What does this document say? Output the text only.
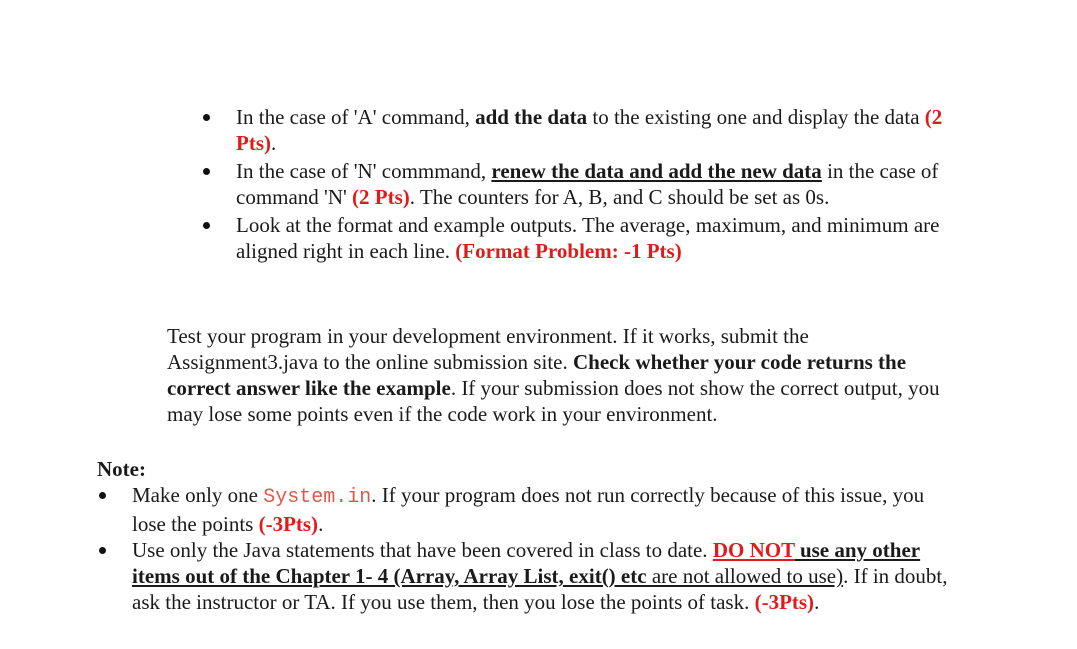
In the case of 'A' command, add the data to the existing one and display the data (2 Pts).
In the case of 'N' commmand, renew the data and add the new data in the case of command 'N' (2 Pts). The counters for A, B, and C should be set as 0s.
Look at the format and example outputs. The average, maximum, and minimum are aligned right in each line. (Format Problem: -1 Pts)

Test your program in your development environment. If it works, submit the Assignment3.java to the online submission site. Check whether your code returns the correct answer like the example. If your submission does not show the correct output, you may lose some points even if the code work in your environment.

Note:

Make only one System.in. If your program does not run correctly because of this issue, you lose the points (-3Pts).
Use only the Java statements that have been covered in class to date. DO NOT use any other items out of the Chapter 1- 4 (Array, Array List, exit() etc are not allowed to use). If in doubt, ask the instructor or TA. If you use them, then you lose the points of task. (-3Pts).
